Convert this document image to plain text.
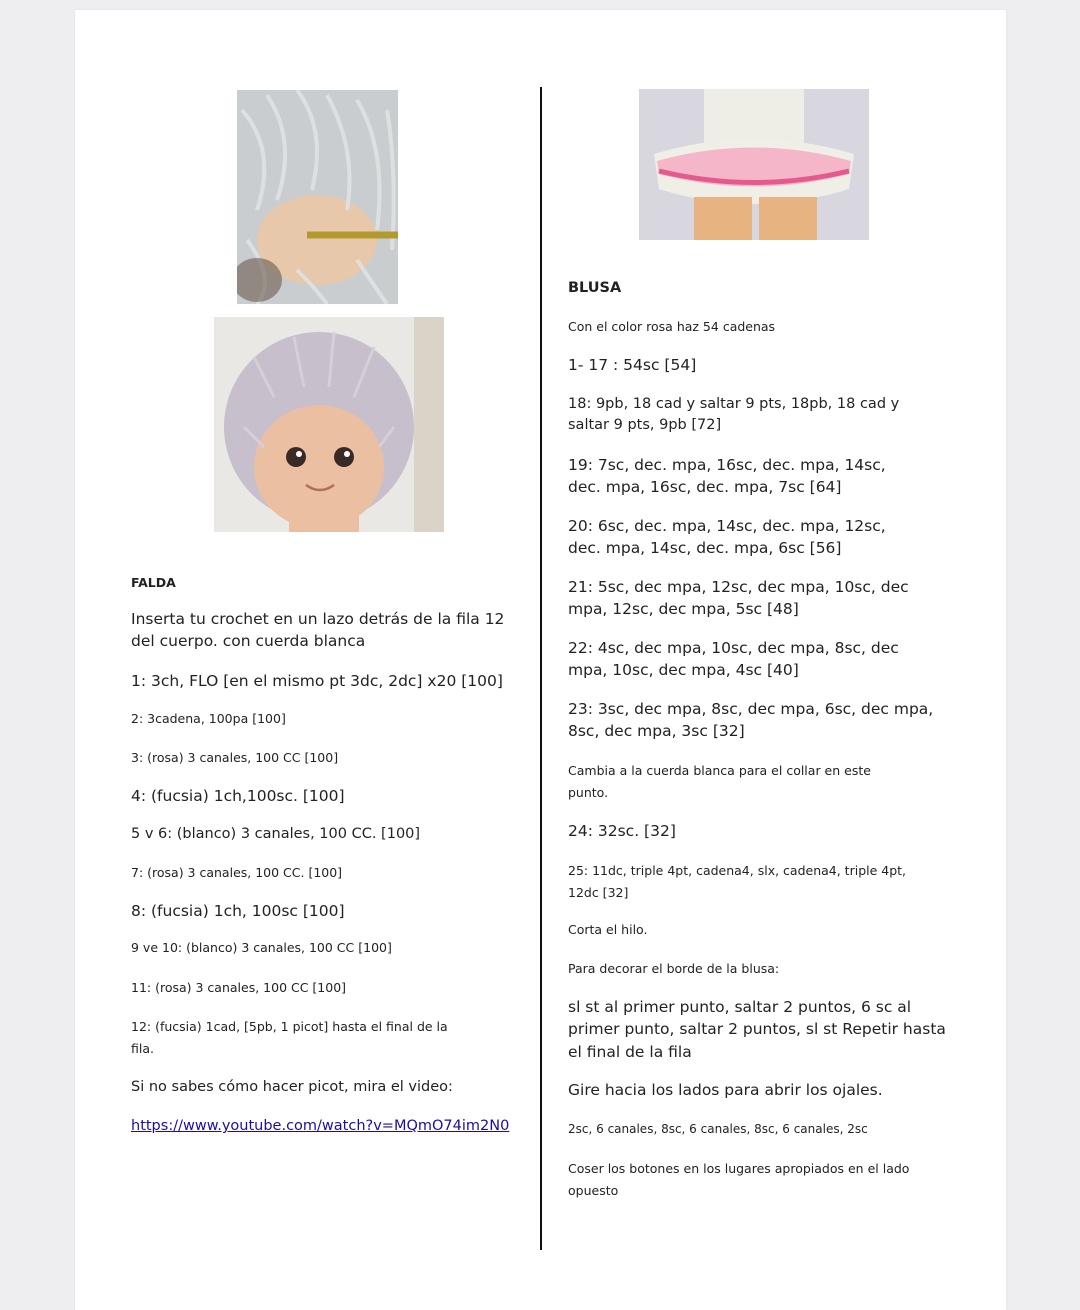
FALDA

Inserta tu crochet en un lazo detrás de la fila 12 del cuerpo. con cuerda blanca

1: 3ch, FLO [en el mismo pt 3dc, 2dc] x20 [100]

2: 3cadena, 100pa [100]

3: (rosa) 3 canales, 100 CC [100]

4: (fucsia) 1ch,100sc. [100]

5 v 6: (blanco) 3 canales, 100 CC. [100]

7: (rosa) 3 canales, 100 CC. [100]

8: (fucsia) 1ch, 100sc [100]

9 ve 10: (blanco) 3 canales, 100 CC [100]

11: (rosa) 3 canales, 100 CC [100]

12: (fucsia) 1cad, [5pb, 1 picot] hasta el final de la fila.

Si no sabes cómo hacer picot, mira el video:

https://www.youtube.com/watch?v=MQmO74im2N0

BLUSA

Con el color rosa haz 54 cadenas

1- 17 : 54sc [54]

18: 9pb, 18 cad y saltar 9 pts, 18pb, 18 cad y saltar 9 pts, 9pb [72]

19: 7sc, dec. mpa, 16sc, dec. mpa, 14sc, dec. mpa, 16sc, dec. mpa, 7sc [64]

20: 6sc, dec. mpa, 14sc, dec. mpa, 12sc, dec. mpa, 14sc, dec. mpa, 6sc [56]

21: 5sc, dec mpa, 12sc, dec mpa, 10sc, dec mpa, 12sc, dec mpa, 5sc [48]

22: 4sc, dec mpa, 10sc, dec mpa, 8sc, dec mpa, 10sc, dec mpa, 4sc [40]

23: 3sc, dec mpa, 8sc, dec mpa, 6sc, dec mpa, 8sc, dec mpa, 3sc [32]

Cambia a la cuerda blanca para el collar en este punto.

24: 32sc. [32]

25: 11dc, triple 4pt, cadena4, slx, cadena4, triple 4pt, 12dc [32]

Corta el hilo.

Para decorar el borde de la blusa:

sl st al primer punto, saltar 2 puntos, 6 sc al primer punto, saltar 2 puntos, sl st Repetir hasta el final de la fila

Gire hacia los lados para abrir los ojales.

2sc, 6 canales, 8sc, 6 canales, 8sc, 6 canales, 2sc

Coser los botones en los lugares apropiados en el lado opuesto
